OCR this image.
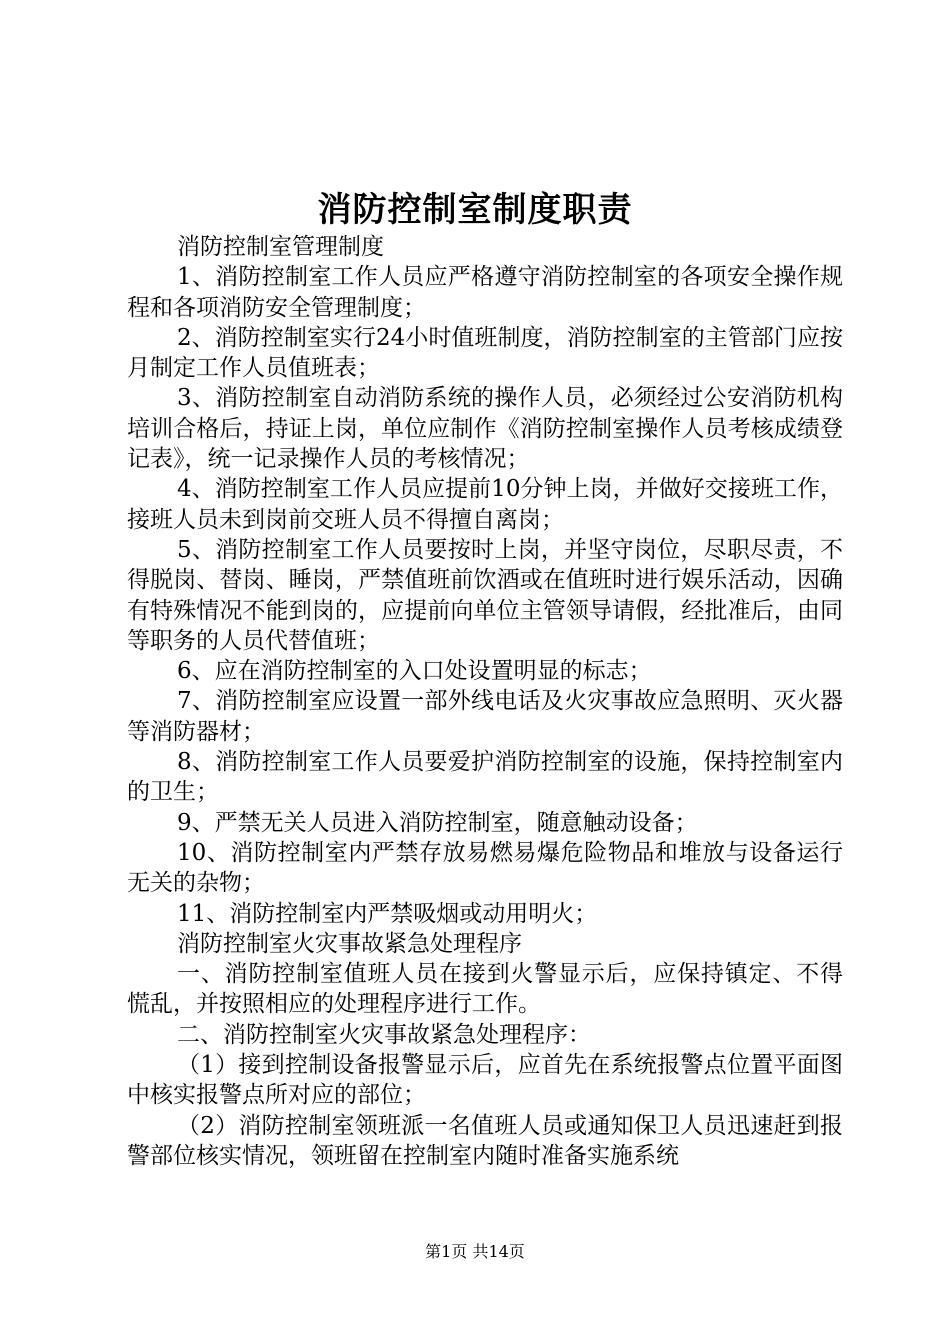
消防控制室制度职责

消防控制室管理制度

1、消防控制室工作人员应严格遵守消防控制室的各项安全操作规程和各项消防安全管理制度；

2、消防控制室实行24小时值班制度，消防控制室的主管部门应按月制定工作人员值班表；

3、消防控制室自动消防系统的操作人员，必须经过公安消防机构培训合格后，持证上岗，单位应制作《消防控制室操作人员考核成绩登记表》，统一记录操作人员的考核情况；

4、消防控制室工作人员应提前10分钟上岗，并做好交接班工作，接班人员未到岗前交班人员不得擅自离岗；

5、消防控制室工作人员要按时上岗，并坚守岗位，尽职尽责，不得脱岗、替岗、睡岗，严禁值班前饮酒或在值班时进行娱乐活动，因确有特殊情况不能到岗的，应提前向单位主管领导请假，经批准后，由同等职务的人员代替值班；

6、应在消防控制室的入口处设置明显的标志；

7、消防控制室应设置一部外线电话及火灾事故应急照明、灭火器等消防器材；

8、消防控制室工作人员要爱护消防控制室的设施，保持控制室内的卫生；

9、严禁无关人员进入消防控制室，随意触动设备；

10、消防控制室内严禁存放易燃易爆危险物品和堆放与设备运行无关的杂物；

11、消防控制室内严禁吸烟或动用明火；

消防控制室火灾事故紧急处理程序

一、消防控制室值班人员在接到火警显示后，应保持镇定、不得慌乱，并按照相应的处理程序进行工作。

二、消防控制室火灾事故紧急处理程序：

（1）接到控制设备报警显示后，应首先在系统报警点位置平面图中核实报警点所对应的部位；

（2）消防控制室领班派一名值班人员或通知保卫人员迅速赶到报警部位核实情况，领班留在控制室内随时准备实施系统

第1页 共14页
